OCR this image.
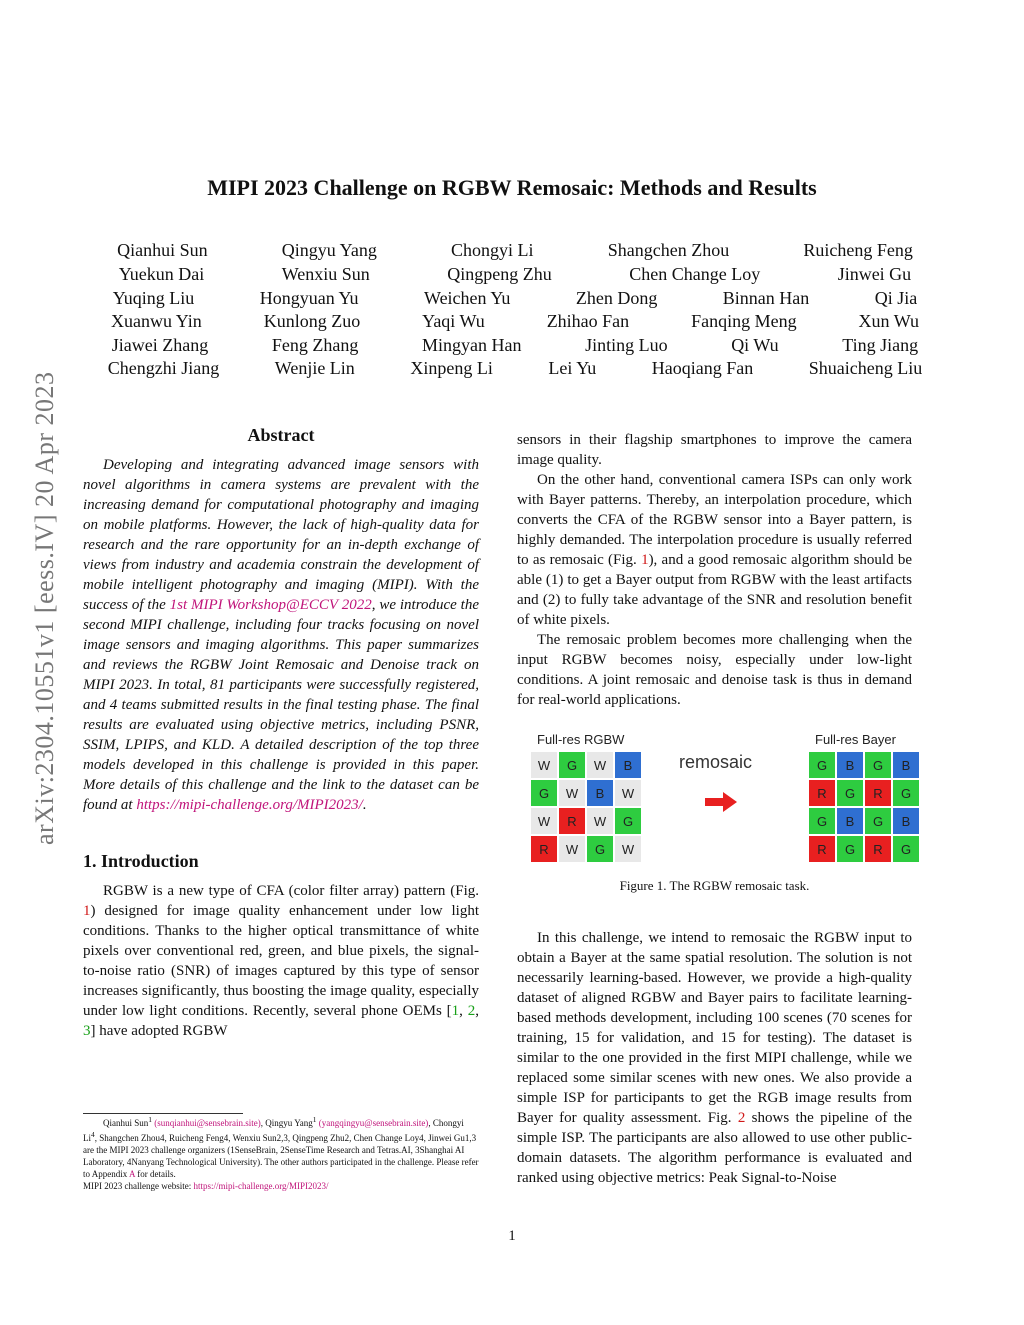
arXiv:2304.10551v1 [eess.IV] 20 Apr 2023
MIPI 2023 Challenge on RGBW Remosaic: Methods and Results
Qianhui Sun	Qingyu Yang	Chongyi Li	Shangchen Zhou	Ruicheng Feng
Yuekun Dai	Wenxiu Sun	Qingpeng Zhu	Chen Change Loy	Jinwei Gu
Yuqing Liu	Hongyuan Yu	Weichen Yu	Zhen Dong	Binnan Han	Qi Jia
Xuanwu Yin	Kunlong Zuo	Yaqi Wu	Zhihao Fan	Fanqing Meng	Xun Wu
Jiawei Zhang	Feng Zhang	Mingyan Han	Jinting Luo	Qi Wu	Ting Jiang
Chengzhi Jiang	Wenjie Lin	Xinpeng Li	Lei Yu	Haoqiang Fan	Shuaicheng Liu
Abstract

Developing and integrating advanced image sensors with novel algorithms in camera systems are prevalent with the increasing demand for computational photography and imaging on mobile platforms. However, the lack of high-quality data for research and the rare opportunity for an in-depth exchange of views from industry and academia constrain the development of mobile intelligent photography and imaging (MIPI). With the success of the 1st MIPI Workshop@ECCV 2022, we introduce the second MIPI challenge, including four tracks focusing on novel image sensors and imaging algorithms. This paper summarizes and reviews the RGBW Joint Remosaic and Denoise track on MIPI 2023. In total, 81 participants were successfully registered, and 4 teams submitted results in the final testing phase. The final results are evaluated using objective metrics, including PSNR, SSIM, LPIPS, and KLD. A detailed description of the top three models developed in this challenge is provided in this paper. More details of this challenge and the link to the dataset can be found at https://mipi-challenge.org/MIPI2023/.

1. Introduction

RGBW is a new type of CFA (color filter array) pattern (Fig. 1) designed for image quality enhancement under low light conditions. Thanks to the higher optical transmittance of white pixels over conventional red, green, and blue pixels, the signal-to-noise ratio (SNR) of images captured by this type of sensor increases significantly, thus boosting the image quality, especially under low light conditions. Recently, several phone OEMs [1, 2, 3] have adopted RGBW

Qianhui Sun$^1$ (sunqianhui@sensebrain.site), Qingyu Yang$^1$ (yangqingyu@sensebrain.site), Chongyi Li$^4$, Shangchen Zhou4, Ruicheng Feng4, Wenxiu Sun2,3, Qingpeng Zhu2, Chen Change Loy4, Jinwei Gu1,3 are the MIPI 2023 challenge organizers (1SenseBrain, 2SenseTime Research and Tetras.AI, 3Shanghai AI Laboratory, 4Nanyang Technological University). The other authors participated in the challenge. Please refer to Appendix A for details.
MIPI 2023 challenge website: https://mipi-challenge.org/MIPI2023/

sensors in their flagship smartphones to improve the camera image quality.

On the other hand, conventional camera ISPs can only work with Bayer patterns. Thereby, an interpolation procedure, which converts the CFA of the RGBW sensor into a Bayer pattern, is highly demanded. The interpolation procedure is usually referred to as remosaic (Fig. 1), and a good remosaic algorithm should be able (1) to get a Bayer output from RGBW with the least artifacts and (2) to fully take advantage of the SNR and resolution benefit of white pixels.

The remosaic problem becomes more challenging when the input RGBW becomes noisy, especially under low-light conditions. A joint remosaic and denoise task is thus in demand for real-world applications.

In this challenge, we intend to remosaic the RGBW input to obtain a Bayer at the same spatial resolution. The solution is not necessarily learning-based. However, we provide a high-quality dataset of aligned RGBW and Bayer pairs to facilitate learning-based methods development, including 100 scenes (70 scenes for training, 15 for validation, and 15 for testing). The dataset is similar to the one provided in the first MIPI challenge, while we replaced some similar scenes with new ones. We also provide a simple ISP for participants to get the RGB image results from Bayer for quality assessment. Fig. 2 shows the pipeline of the simple ISP. The participants are also allowed to use other public-domain datasets. The algorithm performance is evaluated and ranked using objective metrics: Peak Signal-to-Noise

Full-res RGBW
W	G	W	B
G	W	B	W
W	R	W	G
R	W	G	W
remosaic
Full-res Bayer
G	B	G	B
R	G	R	G
G	B	G	B
R	G	R	G
Figure 1. The RGBW remosaic task.
1
